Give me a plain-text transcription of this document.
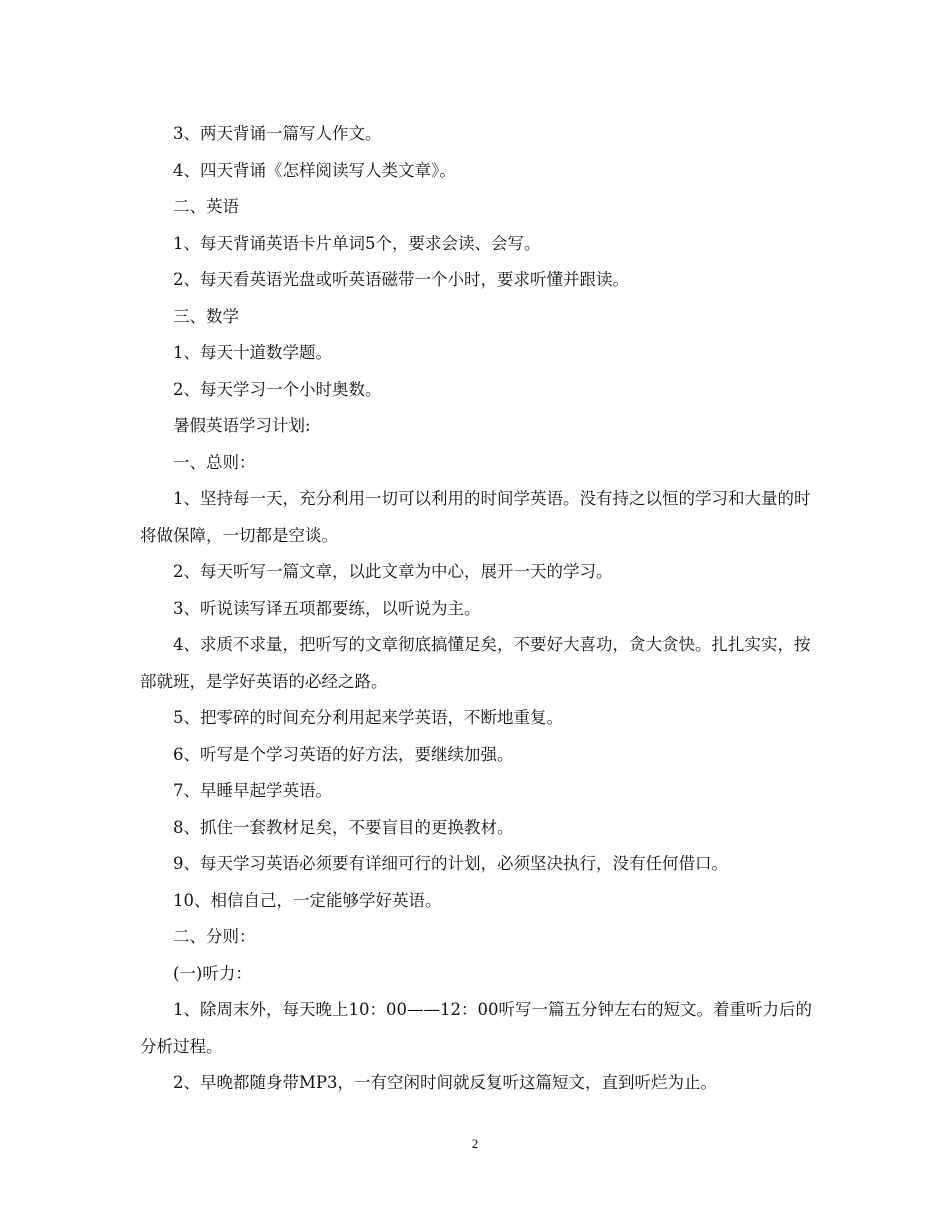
3、两天背诵一篇写人作文。

4、四天背诵《怎样阅读写人类文章》。

二、英语

1、每天背诵英语卡片单词5个，要求会读、会写。

2、每天看英语光盘或听英语磁带一个小时，要求听懂并跟读。

三、数学

1、每天十道数学题。

2、每天学习一个小时奥数。

暑假英语学习计划:

一、总则：

1、坚持每一天，充分利用一切可以利用的时间学英语。没有持之以恒的学习和大量的时将做保障，一切都是空谈。

2、每天听写一篇文章，以此文章为中心，展开一天的学习。

3、听说读写译五项都要练，以听说为主。

4、求质不求量，把听写的文章彻底搞懂足矣，不要好大喜功，贪大贪快。扎扎实实，按部就班，是学好英语的必经之路。

5、把零碎的时间充分利用起来学英语，不断地重复。

6、听写是个学习英语的好方法，要继续加强。

7、早睡早起学英语。

8、抓住一套教材足矣，不要盲目的更换教材。

9、每天学习英语必须要有详细可行的计划，必须坚决执行，没有任何借口。

10、相信自己，一定能够学好英语。

二、分则：

(一)听力：

1、除周末外，每天晚上10：00——12：00听写一篇五分钟左右的短文。着重听力后的分析过程。

2、早晚都随身带MP3，一有空闲时间就反复听这篇短文，直到听烂为止。

2
